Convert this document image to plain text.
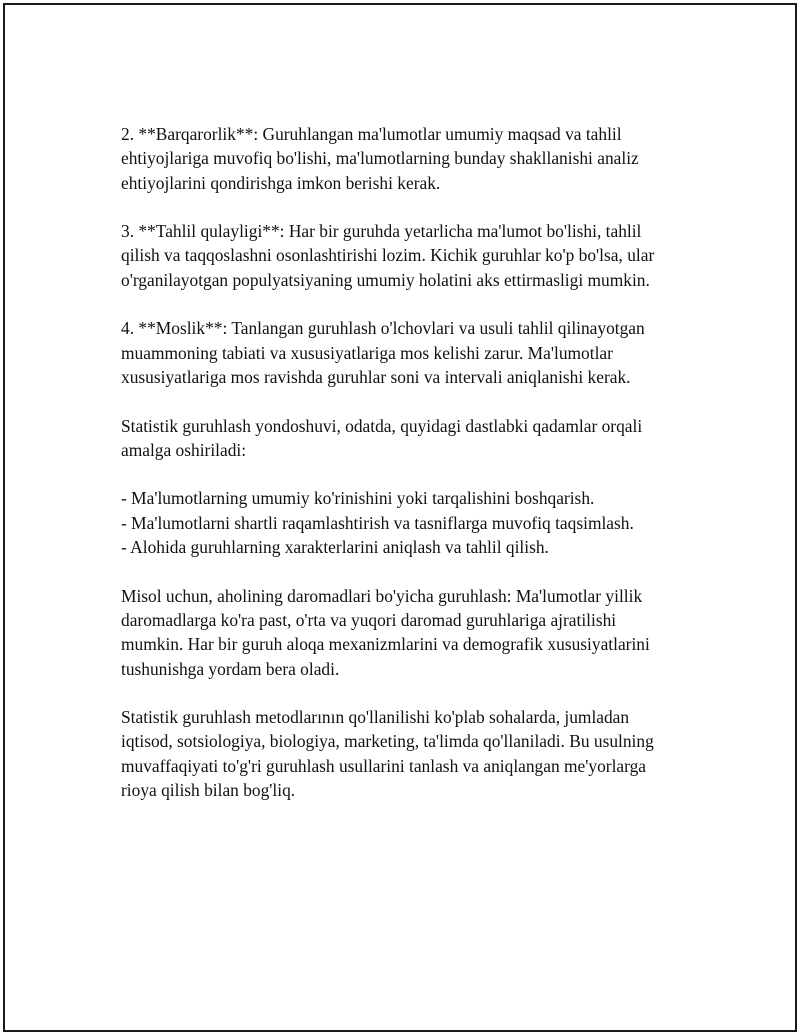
2. **Barqarorlik**: Guruhlangan ma'lumotlar umumiy maqsad va tahlil
ehtiyojlariga muvofiq bo'lishi, ma'lumotlarning bunday shakllanishi analiz
ehtiyojlarini qondirishga imkon berishi kerak.

3. **Tahlil qulayligi**: Har bir guruhda yetarlicha ma'lumot bo'lishi, tahlil
qilish va taqqoslashni osonlashtirishi lozim. Kichik guruhlar ko'p bo'lsa, ular
o'rganilayotgan populyatsiyaning umumiy holatini aks ettirmasligi mumkin.

4. **Moslik**: Tanlangan guruhlash o'lchovlari va usuli tahlil qilinayotgan
muammoning tabiati va xususiyatlariga mos kelishi zarur. Ma'lumotlar
xususiyatlariga mos ravishda guruhlar soni va intervali aniqlanishi kerak.

Statistik guruhlash yondoshuvi, odatda, quyidagi dastlabki qadamlar orqali
amalga oshiriladi:

- Ma'lumotlarning umumiy ko'rinishini yoki tarqalishini boshqarish.
- Ma'lumotlarni shartli raqamlashtirish va tasniflarga muvofiq taqsimlash.
- Alohida guruhlarning xarakterlarini aniqlash va tahlil qilish.

Misol uchun, aholining daromadlari bo'yicha guruhlash: Ma'lumotlar yillik
daromadlarga ko'ra past, o'rta va yuqori daromad guruhlariga ajratilishi
mumkin. Har bir guruh aloqa mexanizmlarini va demografik xususiyatlarini
tushunishga yordam bera oladi.

Statistik guruhlash metodlarının qo'llanilishi ko'plab sohalarda, jumladan
iqtisod, sotsiologiya, biologiya, marketing, ta'limda qo'llaniladi. Bu usulning
muvaffaqiyati to'g'ri guruhlash usullarini tanlash va aniqlangan me'yorlarga
rioya qilish bilan bog'liq.
